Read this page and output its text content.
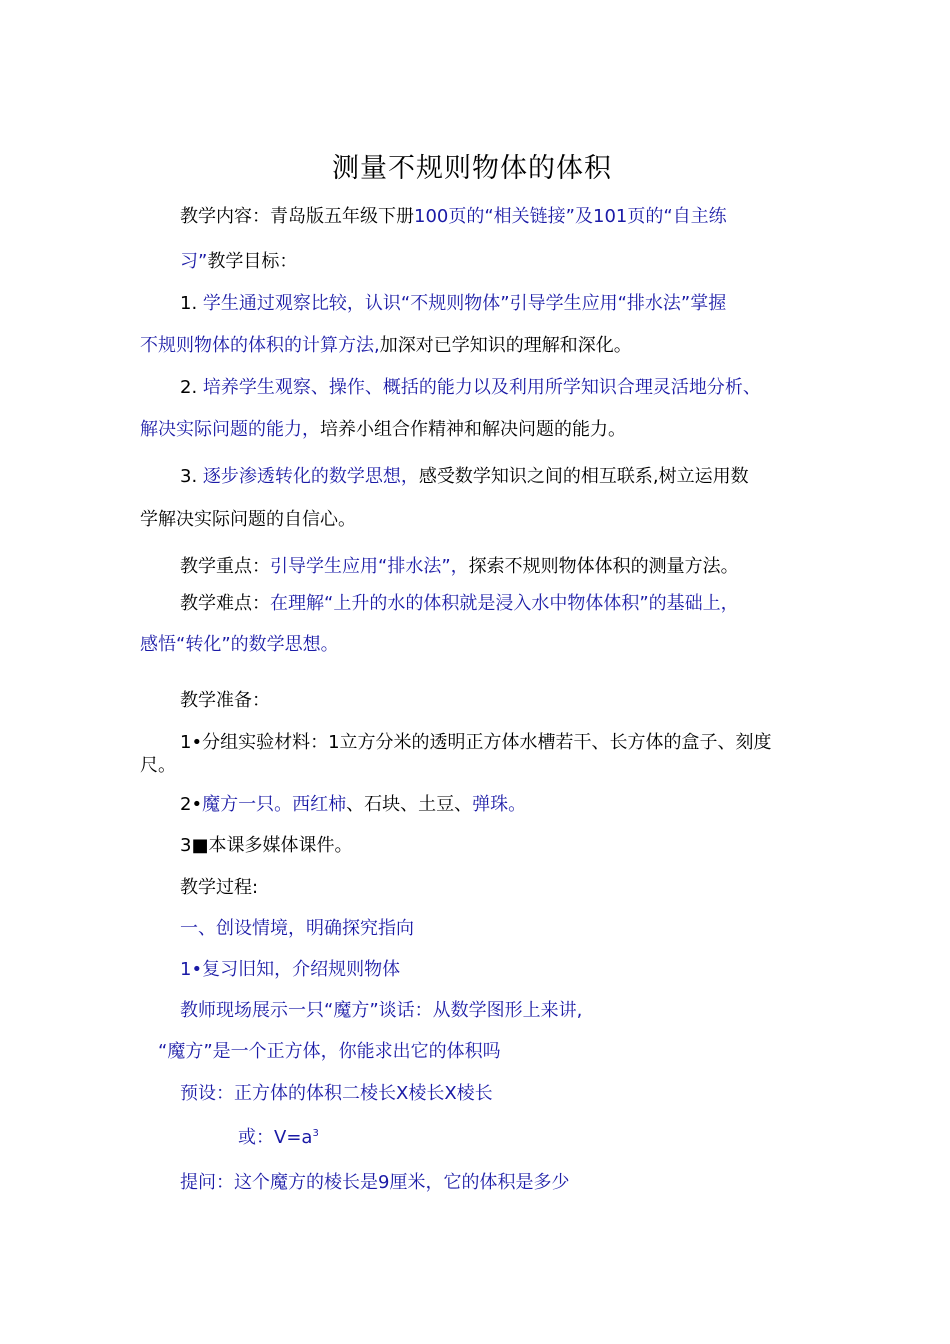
测量不规则物体的体积
教学内容：青岛版五年级下册100页的“相关链接”及101页的“自主练
习”教学目标：
1. 学生通过观察比较，认识“不规则物体”引导学生应用“排水法”掌握
不规则物体的体积的计算方法,加深对已学知识的理解和深化。
2. 培养学生观察、操作、概括的能力以及利用所学知识合理灵活地分析、
解决实际问题的能力，培养小组合作精神和解决问题的能力。
3. 逐步渗透转化的数学思想，感受数学知识之间的相互联系,树立运用数
学解决实际问题的自信心。
教学重点：引导学生应用“排水法”，探索不规则物体体积的测量方法。
教学难点：在理解“上升的水的体积就是浸入水中物体体积”的基础上，
感悟“转化”的数学思想。
教学准备：
1•分组实验材料：1立方分米的透明正方体水槽若干、长方体的盒子、刻度
尺。
2•魔方一只。西红柿、石块、土豆、弹珠。
3■本课多媒体课件。
教学过程:
一、创设情境，明确探究指向
1•复习旧知，介绍规则物体
教师现场展示一只“魔方”谈话：从数学图形上来讲,
“魔方”是一个正方体，你能求出它的体积吗
预设：正方体的体积二棱长X棱长X棱长
或：$V=a^3$
提问：这个魔方的棱长是9厘米，它的体积是多少
